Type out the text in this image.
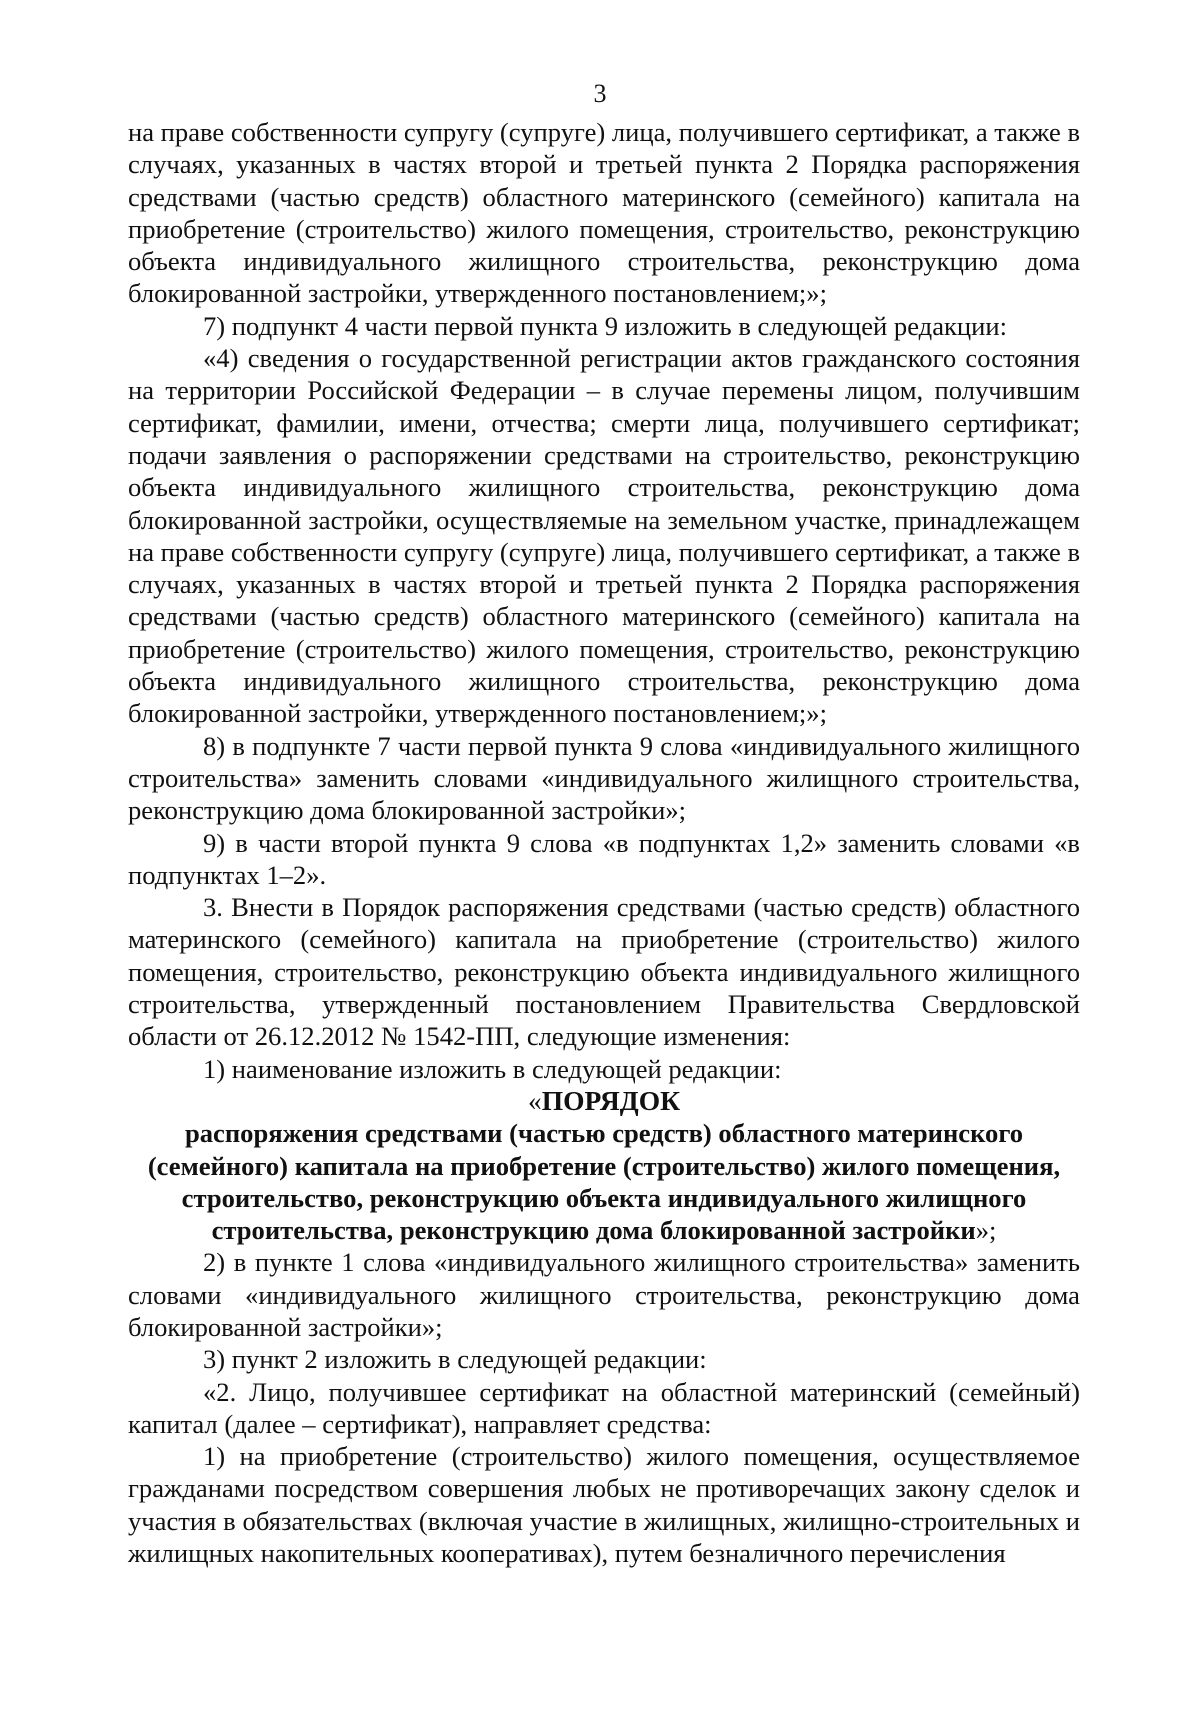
3

на праве собственности супругу (супруге) лица, получившего сертификат, а также в случаях, указанных в частях второй и третьей пункта 2 Порядка распоряжения средствами (частью средств) областного материнского (семейного) капитала на приобретение (строительство) жилого помещения, строительство, реконструкцию объекта индивидуального жилищного строительства, реконструкцию дома блокированной застройки, утвержденного постановлением;»;

7) подпункт 4 части первой пункта 9 изложить в следующей редакции:

«4) сведения о государственной регистрации актов гражданского состояния на территории Российской Федерации – в случае перемены лицом, получившим сертификат, фамилии, имени, отчества; смерти лица, получившего сертификат; подачи заявления о распоряжении средствами на строительство, реконструкцию объекта индивидуального жилищного строительства, реконструкцию дома блокированной застройки, осуществляемые на земельном участке, принадлежащем на праве собственности супругу (супруге) лица, получившего сертификат, а также в случаях, указанных в частях второй и третьей пункта 2 Порядка распоряжения средствами (частью средств) областного материнского (семейного) капитала на приобретение (строительство) жилого помещения, строительство, реконструкцию объекта индивидуального жилищного строительства, реконструкцию дома блокированной застройки, утвержденного постановлением;»;

8) в подпункте 7 части первой пункта 9 слова «индивидуального жилищного строительства» заменить словами «индивидуального жилищного строительства, реконструкцию дома блокированной застройки»;

9) в части второй пункта 9 слова «в подпунктах 1,2» заменить словами «в подпунктах 1–2».

3. Внести в Порядок распоряжения средствами (частью средств) областного материнского (семейного) капитала на приобретение (строительство) жилого помещения, строительство, реконструкцию объекта индивидуального жилищного строительства, утвержденный постановлением Правительства Свердловской области от 26.12.2012 № 1542-ПП, следующие изменения:

1) наименование изложить в следующей редакции:

«ПОРЯДОК

распоряжения средствами (частью средств) областного материнского

(семейного) капитала на приобретение (строительство) жилого помещения,

строительство, реконструкцию объекта индивидуального жилищного

строительства, реконструкцию дома блокированной застройки»;

2) в пункте 1 слова «индивидуального жилищного строительства» заменить словами «индивидуального жилищного строительства, реконструкцию дома блокированной застройки»;

3) пункт 2 изложить в следующей редакции:

«2. Лицо, получившее сертификат на областной материнский (семейный) капитал (далее – сертификат), направляет средства:

1) на приобретение (строительство) жилого помещения, осуществляемое гражданами посредством совершения любых не противоречащих закону сделок и участия в обязательствах (включая участие в жилищных, жилищно-строительных и жилищных накопительных кооперативах), путем безналичного перечисления
